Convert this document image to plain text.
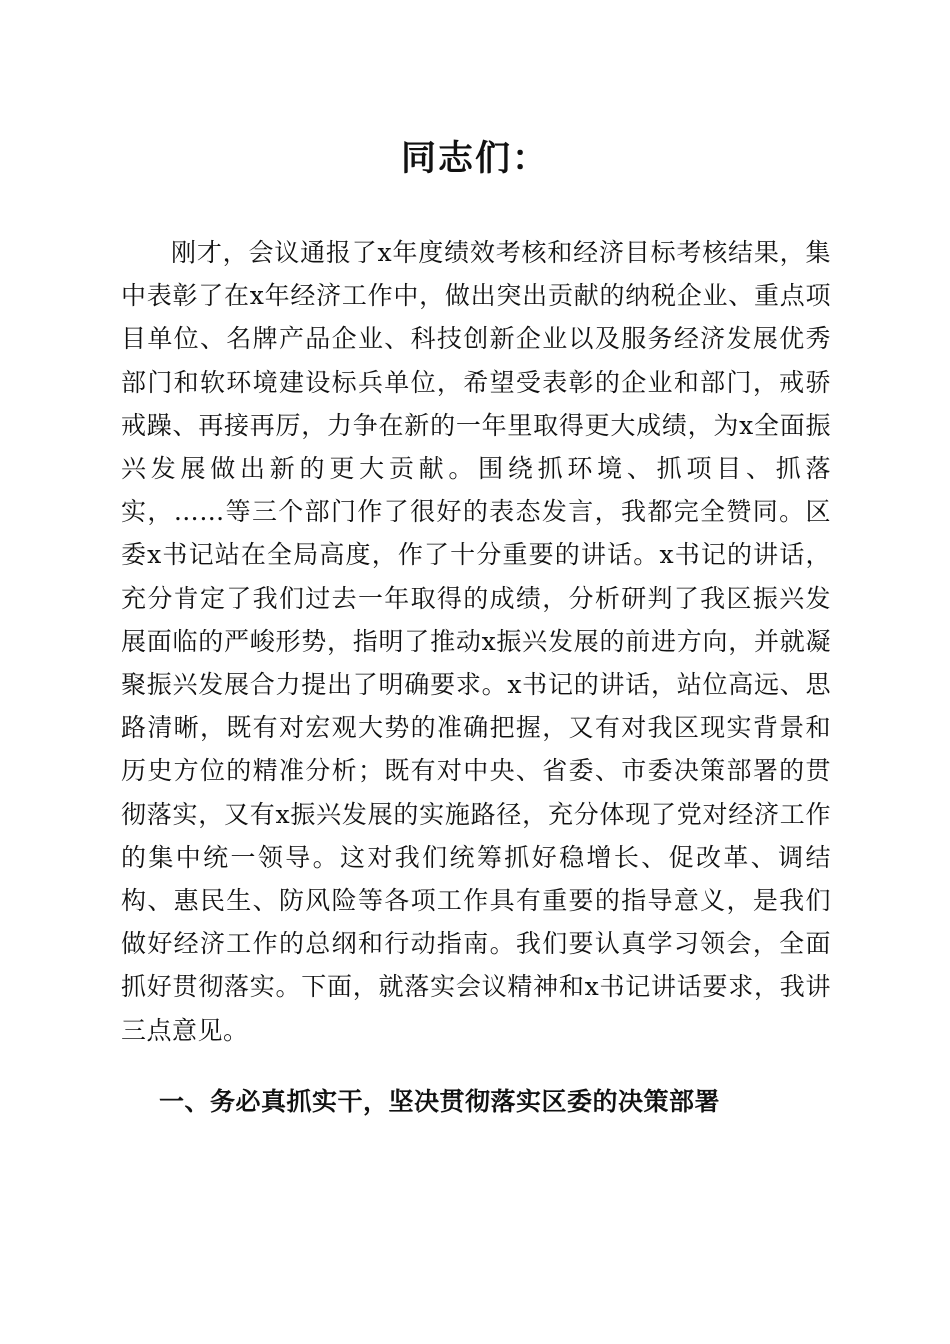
同志们：

刚才，会议通报了x年度绩效考核和经济目标考核结果，集中表彰了在x年经济工作中，做出突出贡献的纳税企业、重点项目单位、名牌产品企业、科技创新企业以及服务经济发展优秀部门和软环境建设标兵单位，希望受表彰的企业和部门，戒骄戒躁、再接再厉，力争在新的一年里取得更大成绩，为x全面振兴发展做出新的更大贡献。围绕抓环境、抓项目、抓落实，……等三个部门作了很好的表态发言，我都完全赞同。区委x书记站在全局高度，作了十分重要的讲话。x书记的讲话，充分肯定了我们过去一年取得的成绩，分析研判了我区振兴发展面临的严峻形势，指明了推动x振兴发展的前进方向，并就凝聚振兴发展合力提出了明确要求。x书记的讲话，站位高远、思路清晰，既有对宏观大势的准确把握，又有对我区现实背景和历史方位的精准分析；既有对中央、省委、市委决策部署的贯彻落实，又有x振兴发展的实施路径，充分体现了党对经济工作的集中统一领导。这对我们统筹抓好稳增长、促改革、调结构、惠民生、防风险等各项工作具有重要的指导意义，是我们做好经济工作的总纲和行动指南。我们要认真学习领会，全面抓好贯彻落实。下面，就落实会议精神和x书记讲话要求，我讲三点意见。

一、务必真抓实干，坚决贯彻落实区委的决策部署
